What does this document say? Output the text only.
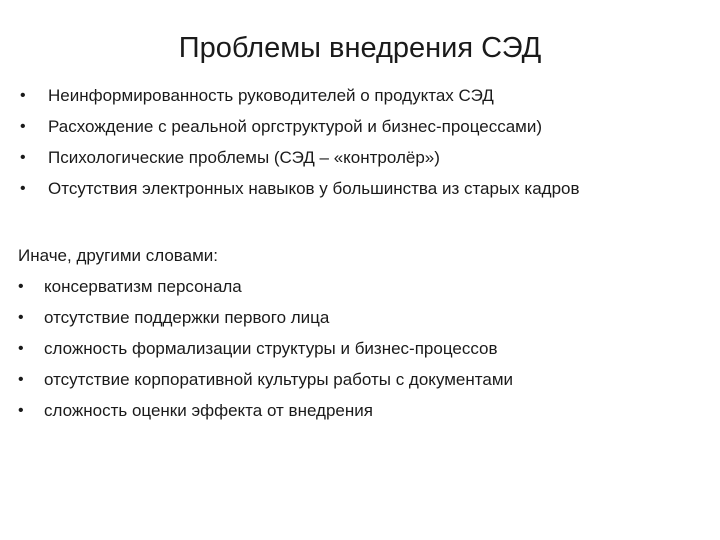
Проблемы внедрения СЭД
• Неинформированность руководителей о продуктах СЭД
• Расхождение с реальной оргструктурой и бизнес-процессами)
• Психологические проблемы (СЭД – «контролёр»)
• Отсутствия электронных навыков у большинства из старых кадров

Иначе, другими словами:

• консерватизм персонала
• отсутствие поддержки первого лица
• сложность формализации структуры и бизнес-процессов
• отсутствие корпоративной культуры работы с документами
• сложность оценки эффекта от внедрения
